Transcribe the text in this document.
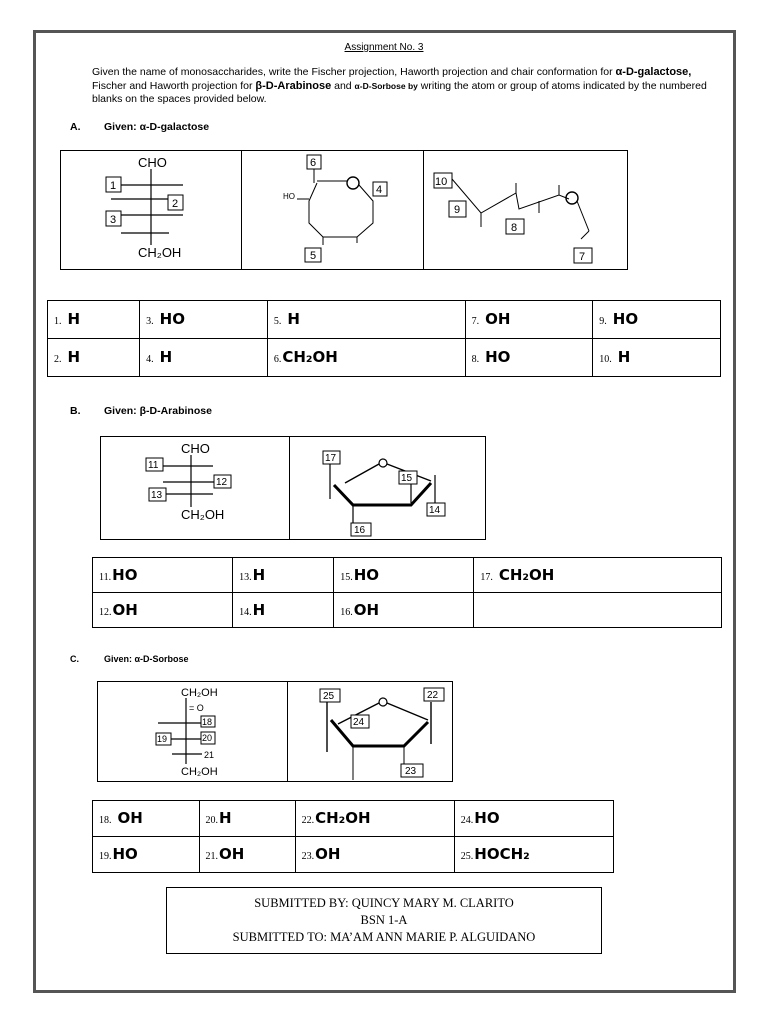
Assignment No. 3
Given the name of monosaccharides, write the Fischer projection, Haworth projection and chair conformation for α-D-galactose, Fischer and Haworth projection for β-D-Arabinose and α-D-Sorbose by writing the atom or group of atoms indicated by the numbered blanks on the spaces provided below.
A. Given: α-D-galactose
CHO
1
2
3
CH₂OH
6
HO
4
5
10
9
8
7
1. H	3. HO	5. H	7. OH	9. HO
2. H	4. H	6.CH₂OH	8. HO	10. H
B. Given: β-D-Arabinose
CHO
11
12
13
CH₂OH
17
15
14
16
11.HO	13.H	15.HO	17. CH₂OH
12.OH	14.H	16.OH	
C.	Given: α-D-Sorbose
CH₂OH
= O
18
19	20
21
CH₂OH
25	22
24
23
18. OH	20.H	22.CH₂OH	24.HO
19.HO	21.OH	23.OH	25.HOCH₂
SUBMITTED BY: QUINCY MARY M. CLARITO
BSN 1-A
SUBMITTED TO: MA’AM ANN MARIE P. ALGUIDANO
